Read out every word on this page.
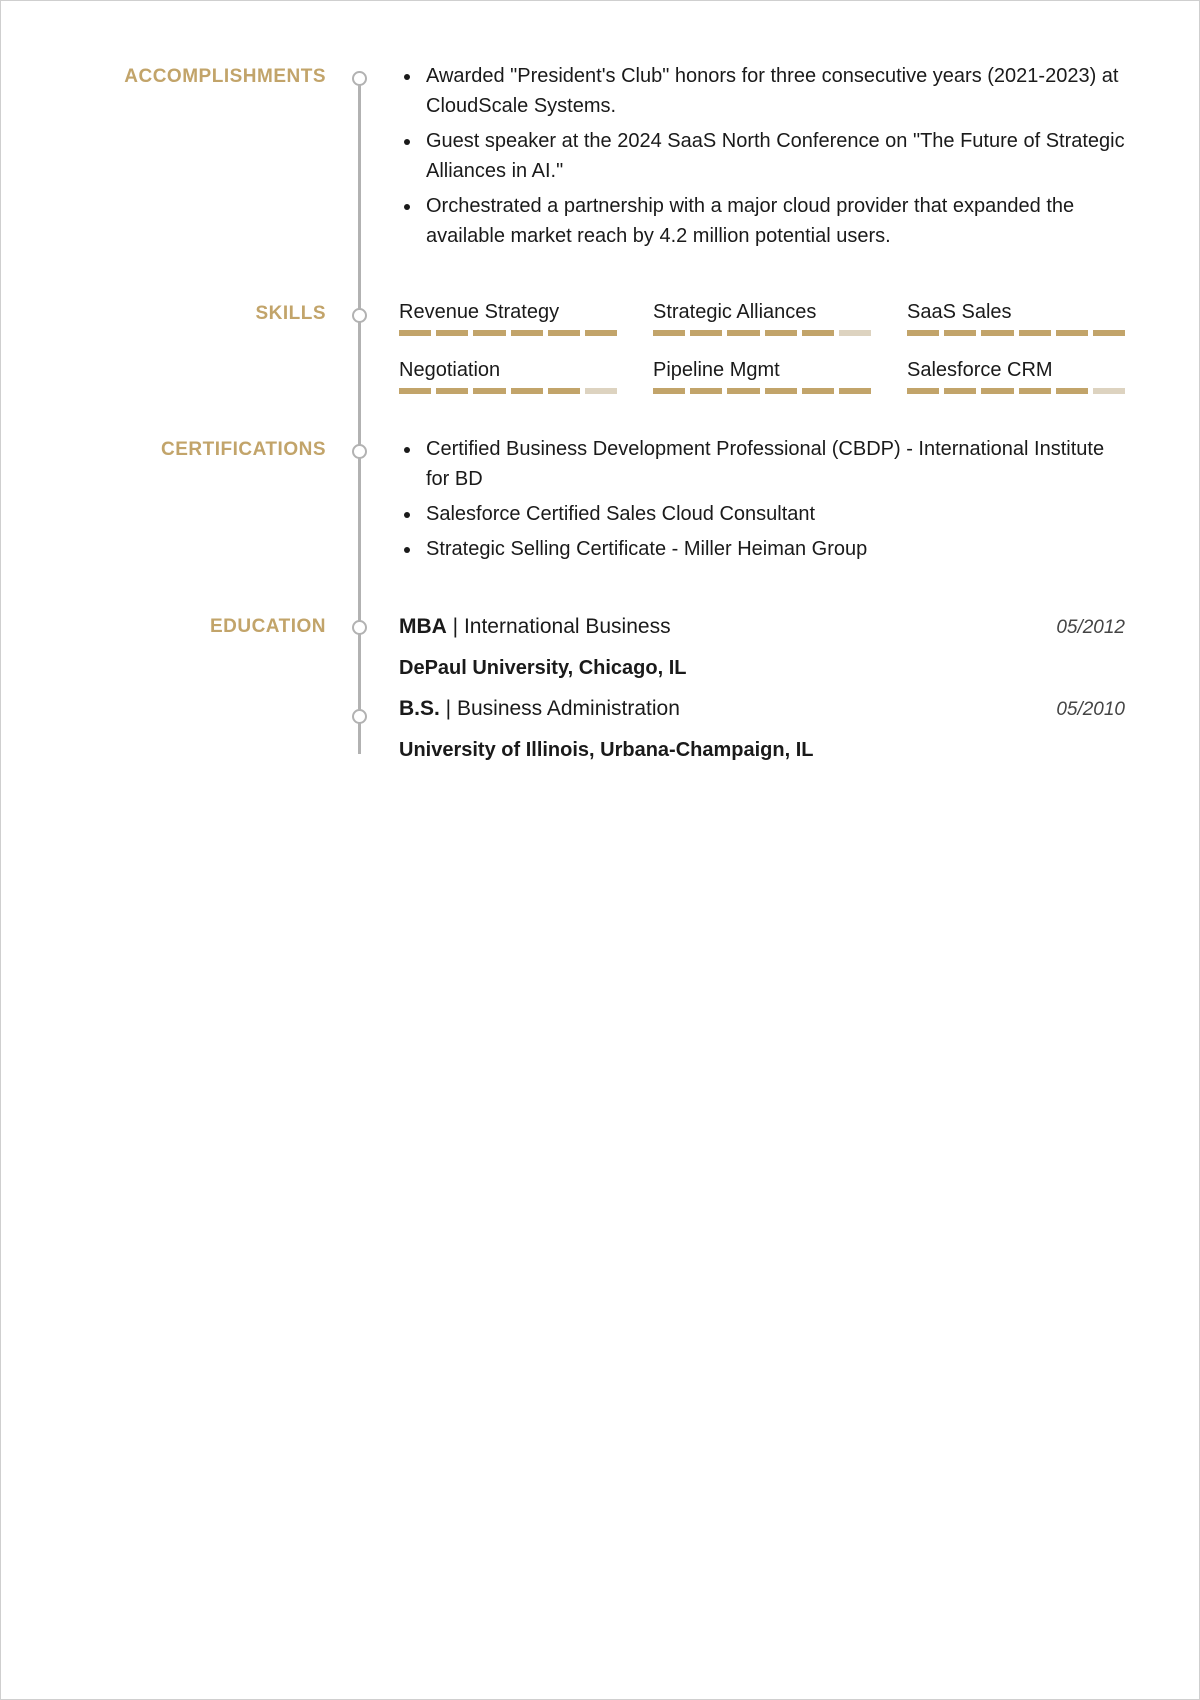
ACCOMPLISHMENTS	Awarded "President's Club" honors for three consecutive years (2021-2023) at CloudScale Systems.
Guest speaker at the 2024 SaaS North Conference on "The Future of Strategic Alliances in AI."
Orchestrated a partnership with a major cloud provider that expanded the available market reach by 4.2 million potential users.
SKILLS	Revenue Strategy	Strategic Alliances	SaaS Sales
Negotiation	Pipeline Mgmt	Salesforce CRM
CERTIFICATIONS	Certified Business Development Professional (CBDP) - International Institute for BD
Salesforce Certified Sales Cloud Consultant
Strategic Selling Certificate - Miller Heiman Group
EDUCATION	MBA | International Business	05/2012
DePaul University, Chicago, IL
B.S. | Business Administration	05/2010
University of Illinois, Urbana-Champaign, IL
